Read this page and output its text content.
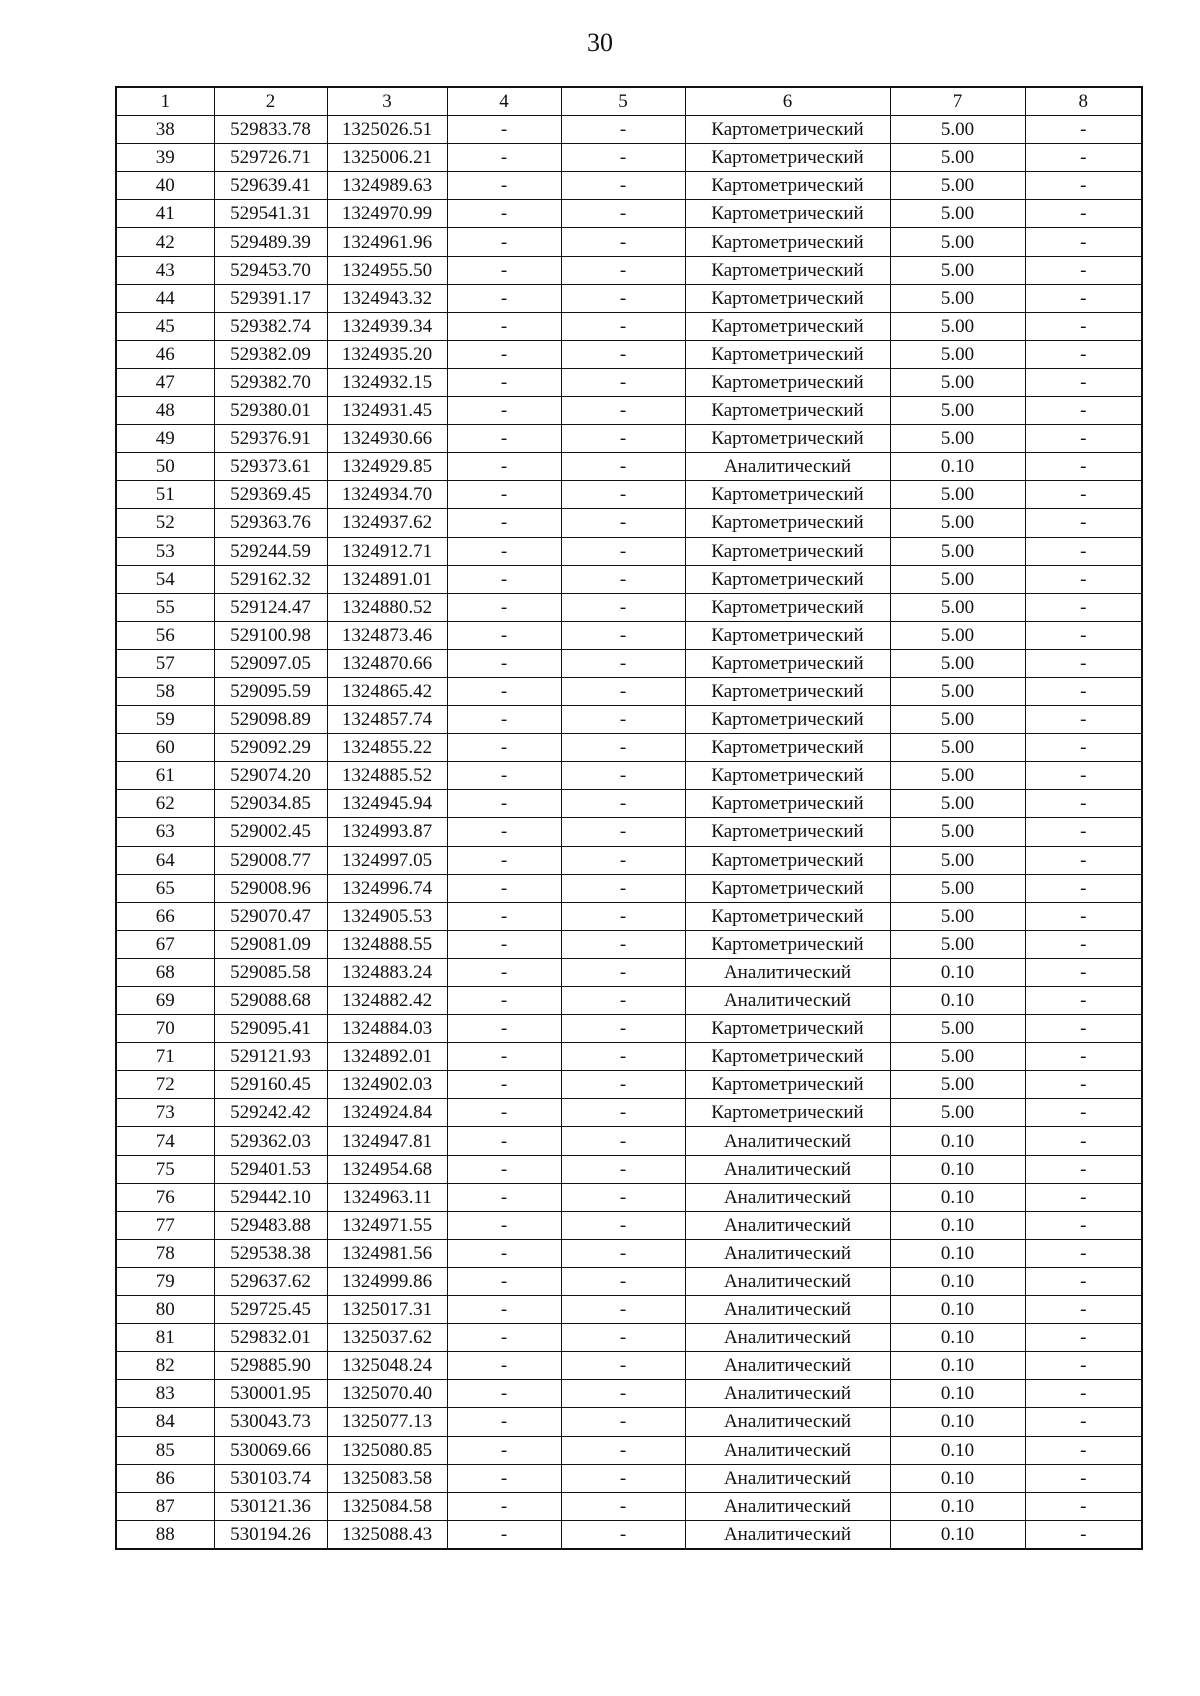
30
1	2	3	4	5	6	7	8
38	529833.78	1325026.51	-	-	Картометрический	5.00	-
39	529726.71	1325006.21	-	-	Картометрический	5.00	-
40	529639.41	1324989.63	-	-	Картометрический	5.00	-
41	529541.31	1324970.99	-	-	Картометрический	5.00	-
42	529489.39	1324961.96	-	-	Картометрический	5.00	-
43	529453.70	1324955.50	-	-	Картометрический	5.00	-
44	529391.17	1324943.32	-	-	Картометрический	5.00	-
45	529382.74	1324939.34	-	-	Картометрический	5.00	-
46	529382.09	1324935.20	-	-	Картометрический	5.00	-
47	529382.70	1324932.15	-	-	Картометрический	5.00	-
48	529380.01	1324931.45	-	-	Картометрический	5.00	-
49	529376.91	1324930.66	-	-	Картометрический	5.00	-
50	529373.61	1324929.85	-	-	Аналитический	0.10	-
51	529369.45	1324934.70	-	-	Картометрический	5.00	-
52	529363.76	1324937.62	-	-	Картометрический	5.00	-
53	529244.59	1324912.71	-	-	Картометрический	5.00	-
54	529162.32	1324891.01	-	-	Картометрический	5.00	-
55	529124.47	1324880.52	-	-	Картометрический	5.00	-
56	529100.98	1324873.46	-	-	Картометрический	5.00	-
57	529097.05	1324870.66	-	-	Картометрический	5.00	-
58	529095.59	1324865.42	-	-	Картометрический	5.00	-
59	529098.89	1324857.74	-	-	Картометрический	5.00	-
60	529092.29	1324855.22	-	-	Картометрический	5.00	-
61	529074.20	1324885.52	-	-	Картометрический	5.00	-
62	529034.85	1324945.94	-	-	Картометрический	5.00	-
63	529002.45	1324993.87	-	-	Картометрический	5.00	-
64	529008.77	1324997.05	-	-	Картометрический	5.00	-
65	529008.96	1324996.74	-	-	Картометрический	5.00	-
66	529070.47	1324905.53	-	-	Картометрический	5.00	-
67	529081.09	1324888.55	-	-	Картометрический	5.00	-
68	529085.58	1324883.24	-	-	Аналитический	0.10	-
69	529088.68	1324882.42	-	-	Аналитический	0.10	-
70	529095.41	1324884.03	-	-	Картометрический	5.00	-
71	529121.93	1324892.01	-	-	Картометрический	5.00	-
72	529160.45	1324902.03	-	-	Картометрический	5.00	-
73	529242.42	1324924.84	-	-	Картометрический	5.00	-
74	529362.03	1324947.81	-	-	Аналитический	0.10	-
75	529401.53	1324954.68	-	-	Аналитический	0.10	-
76	529442.10	1324963.11	-	-	Аналитический	0.10	-
77	529483.88	1324971.55	-	-	Аналитический	0.10	-
78	529538.38	1324981.56	-	-	Аналитический	0.10	-
79	529637.62	1324999.86	-	-	Аналитический	0.10	-
80	529725.45	1325017.31	-	-	Аналитический	0.10	-
81	529832.01	1325037.62	-	-	Аналитический	0.10	-
82	529885.90	1325048.24	-	-	Аналитический	0.10	-
83	530001.95	1325070.40	-	-	Аналитический	0.10	-
84	530043.73	1325077.13	-	-	Аналитический	0.10	-
85	530069.66	1325080.85	-	-	Аналитический	0.10	-
86	530103.74	1325083.58	-	-	Аналитический	0.10	-
87	530121.36	1325084.58	-	-	Аналитический	0.10	-
88	530194.26	1325088.43	-	-	Аналитический	0.10	-
